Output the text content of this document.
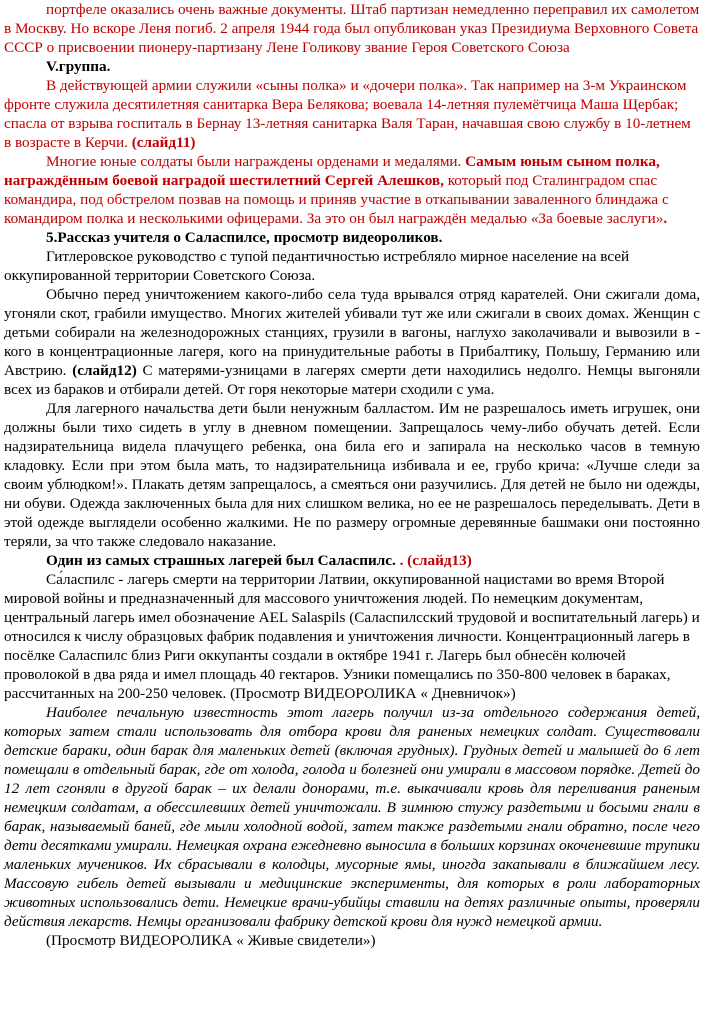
портфеле оказались очень важные документы. Штаб партизан немедленно переправил их самолетом в Москву. Но вскоре Леня погиб. 2 апреля 1944 года был опубликован указ Президиума Верховного Совета СССР о присвоении пионеру-партизану Лене Голикову звание Героя Советского Союза

V.группа.

В действующей армии служили «сыны полка» и «дочери полка». Так например на 3-м Украинском фронте служила десятилетняя санитарка Вера Белякова; воевала 14-летняя пулемётчица Маша Щербак; спасла от взрыва госпиталь в Бернау 13-летняя санитарка Валя Таран, начавшая свою службу в 10-летнем в возрасте в Керчи. (слайд11)

Многие юные солдаты были награждены орденами и медалями. Самым юным сыном полка, награждённым боевой наградой шестилетний Сергей Алешков, который под Сталинградом спас командира, под обстрелом позвав на помощь и приняв участие в откапывании заваленного блиндажа с командиром полка и несколькими офицерами. За это он был награждён медалью «За боевые заслуги».

5.Рассказ учителя о Саласпилсе, просмотр видеороликов.

Гитлеровское руководство с тупой педантичностью истребляло мирное население на всей оккупированной территории Советского Союза.

Обычно перед уничтожением какого-либо села туда врывался отряд карателей. Они сжигали дома, угоняли скот, грабили имущество. Многих жителей убивали тут же или сжигали в своих домах. Женщин с детьми собирали на железнодорожных станциях, грузили в вагоны, наглухо заколачивали и вывозили в - кого в концентрационные лагеря, кого на принудительные работы в Прибалтику, Польшу, Германию или Австрию. (слайд12) С матерями-узницами в лагерях смерти дети находились недолго. Немцы выгоняли всех из бараков и отбирали детей. От горя некоторые матери сходили с ума.

Для лагерного начальства дети были ненужным балластом. Им не разрешалось иметь игрушек, они должны были тихо сидеть в углу в дневном помещении. Запрещалось чему-либо обучать детей. Если надзирательница видела плачущего ребенка, она била его и запирала на несколько часов в темную кладовку. Если при этом была мать, то надзирательница избивала и ее, грубо крича: «Лучше следи за своим ублюдком!». Плакать детям запрещалось, а смеяться они разучились. Для детей не было ни одежды, ни обуви. Одежда заключенных была для них слишком велика, но ее не разрешалось переделывать. Дети в этой одежде выглядели особенно жалкими. Не по размеру огромные деревянные башмаки они постоянно теряли, за что также следовало наказание.

Один из самых страшных лагерей был Саласпилс. . (слайд13)

Са́ласпилс - лагерь смерти на территории Латвии, оккупированной нацистами во время Второй мировой войны и предназначенный для массового уничтожения людей. По немецким документам, центральный лагерь имел обозначение AEL Salaspils (Саласпилсский трудовой и воспитательный лагерь) и относился к числу образцовых фабрик подавления и уничтожения личности. Концентрационный лагерь в посёлке Саласпилс близ Риги оккупанты создали в октябре 1941 г. Лагерь был обнесён колючей проволокой в два ряда и имел площадь 40 гектаров. Узники помещались по 350-800 человек в бараках, рассчитанных на 200-250 человек. (Просмотр ВИДЕОРОЛИКА « Дневничок»)

Наиболее печальную известность этот лагерь получил из-за отдельного содержания детей, которых затем стали использовать для отбора крови для раненых немецких солдат. Существовали детские бараки, один барак для маленьких детей (включая грудных). Грудных детей и малышей до 6 лет помещали в отдельный барак, где от холода, голода и болезней они умирали в массовом порядке. Детей до 12 лет сгоняли в другой барак – их делали донорами, т.е. выкачивали кровь для переливания раненым немецким солдатам, а обессилевших детей уничтожали. В зимнюю стужу раздетыми и босыми гнали в барак, называемый баней, где мыли холодной водой, затем также раздетыми гнали обратно, после чего дети десятками умирали. Немецкая охрана ежедневно выносила в больших корзинах окоченевшие трупики маленьких мучеников. Их сбрасывали в колодцы, мусорные ямы, иногда закапывали в ближайшем лесу. Массовую гибель детей вызывали и медицинские эксперименты, для которых в роли лабораторных животных использовались дети. Немецкие врачи-убийцы ставили на детях различные опыты, проверяли действия лекарств. Немцы организовали фабрику детской крови для нужд немецкой армии.

(Просмотр ВИДЕОРОЛИКА « Живые свидетели»)
